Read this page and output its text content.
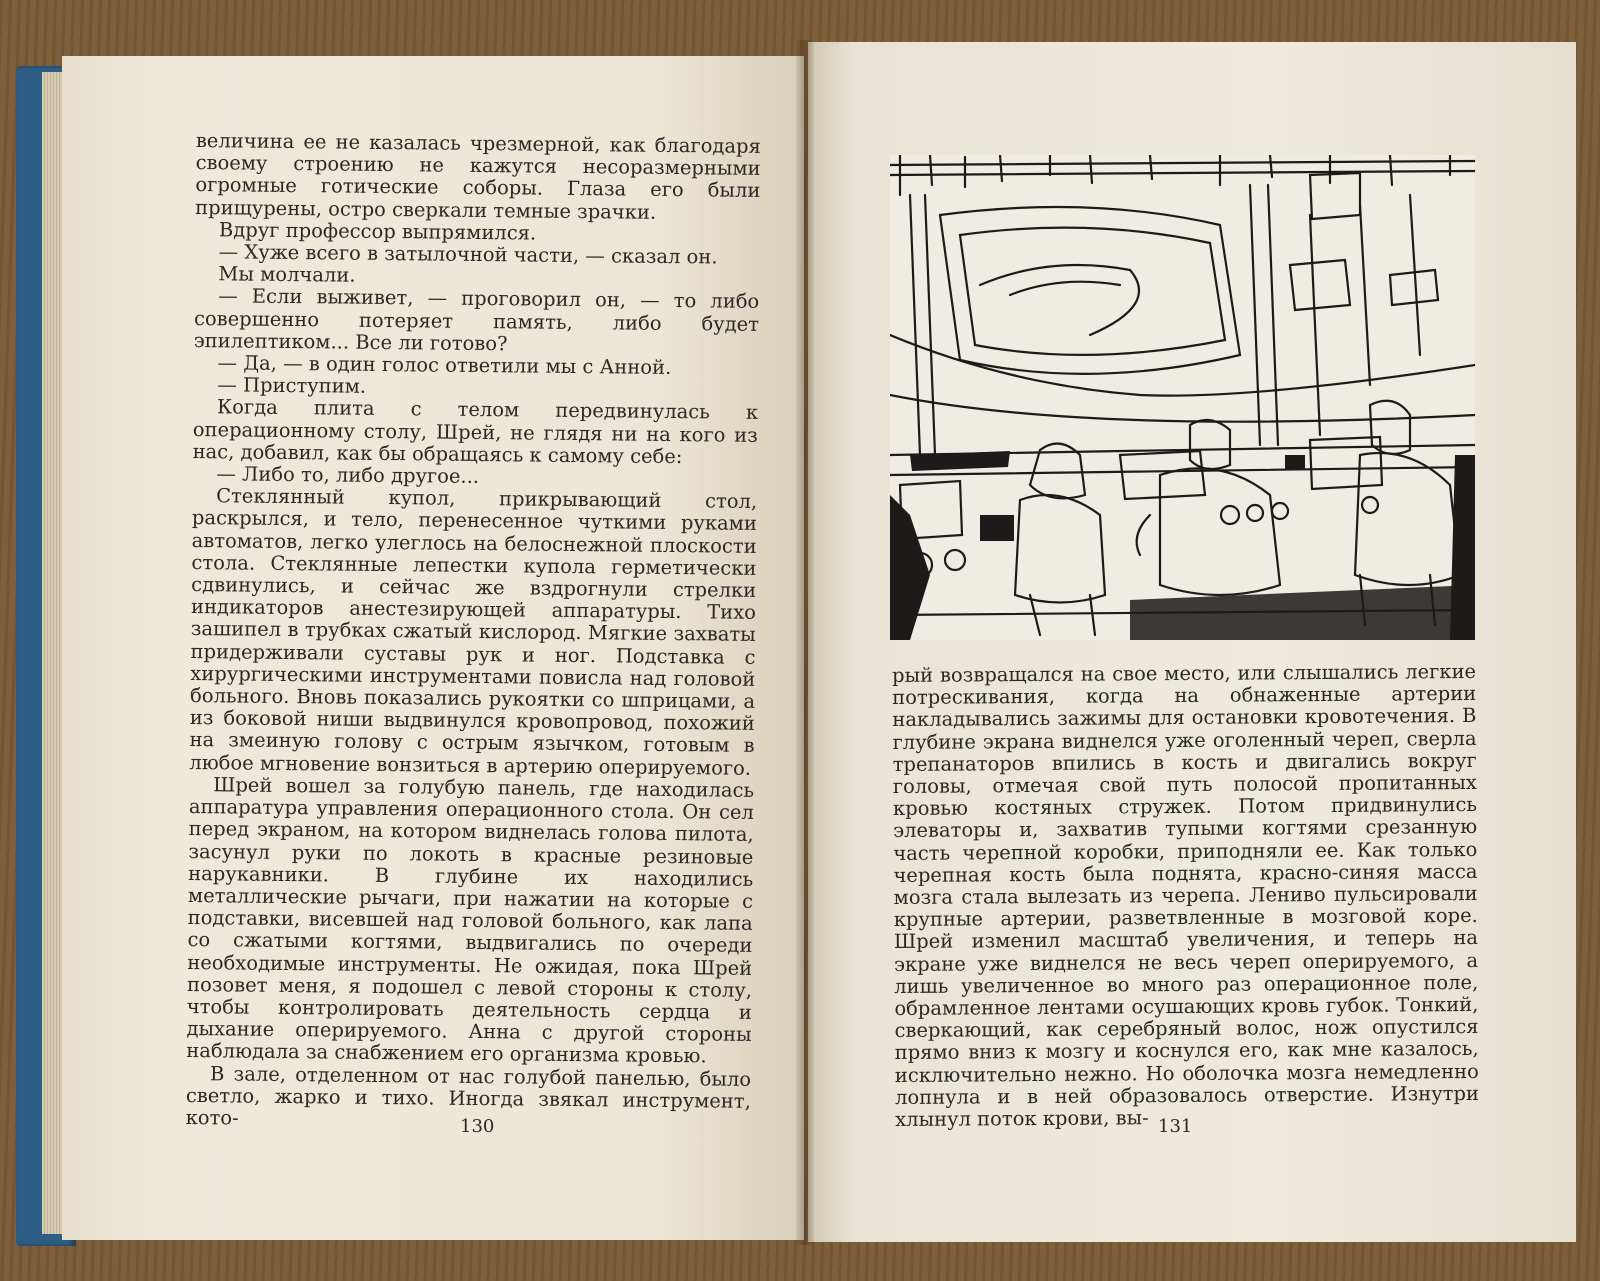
величина ее не казалась чрезмерной, как благодаря своему строению не кажутся несоразмерными огромные готические соборы. Глаза его были прищурены, остро сверкали темные зрачки.

Вдруг профессор выпрямился.

— Хуже всего в затылочной части, — сказал он.

Мы молчали.

— Если выживет, — проговорил он, — то либо совершенно потеряет память, либо будет эпилептиком... Все ли готово?

— Да, — в один голос ответили мы с Анной.

— Приступим.

Когда плита с телом передвинулась к операционному столу, Шрей, не глядя ни на кого из нас, добавил, как бы обращаясь к самому себе:

— Либо то, либо другое...

Стеклянный купол, прикрывающий стол, раскрылся, и тело, перенесенное чуткими руками автоматов, легко улеглось на белоснежной плоскости стола. Стеклянные лепестки купола герметически сдвинулись, и сейчас же вздрогнули стрелки индикаторов анестезирующей аппаратуры. Тихо зашипел в трубках сжатый кислород. Мягкие захваты придерживали суставы рук и ног. Подставка с хирургическими инструментами повисла над головой больного. Вновь показались рукоятки со шприцами, а из боковой ниши выдвинулся кровопровод, похожий на змеиную голову с острым язычком, готовым в любое мгновение вонзиться в артерию оперируемого.

Шрей вошел за голубую панель, где находилась аппаратура управления операционного стола. Он сел перед экраном, на котором виднелась голова пилота, засунул руки по локоть в красные резиновые нарукавники. В глубине их находились металлические рычаги, при нажатии на которые с подставки, висевшей над головой больного, как лапа со сжатыми когтями, выдвигались по очереди необходимые инструменты. Не ожидая, пока Шрей позовет меня, я подошел с левой стороны к столу, чтобы контролировать деятельность сердца и дыхание оперируемого. Анна с другой стороны наблюдала за снабжением его организма кровью.

В зале, отделенном от нас голубой панелью, было светло, жарко и тихо. Иногда звякал инструмент, кото-	130

рый возвращался на свое место, или слышались легкие потрескивания, когда на обнаженные артерии накладывались зажимы для остановки кровотечения. В глубине экрана виднелся уже оголенный череп, сверла трепанаторов впились в кость и двигались вокруг головы, отмечая свой путь полосой пропитанных кровью костяных стружек. Потом придвинулись элеваторы и, захватив тупыми когтями срезанную часть черепной коробки, приподняли ее. Как только черепная кость была поднята, красно-синяя масса мозга стала вылезать из черепа. Лениво пульсировали крупные артерии, разветвленные в мозговой коре. Шрей изменил масштаб увеличения, и теперь на экране уже виднелся не весь череп оперируемого, а лишь увеличенное во много раз операционное поле, обрамленное лентами осушающих кровь губок. Тонкий, сверкающий, как серебряный волос, нож опустился прямо вниз к мозгу и коснулся его, как мне казалось, исключительно нежно. Но оболочка мозга немедленно лопнула и в ней образовалось отверстие. Изнутри хлынул поток крови, вы- 131
